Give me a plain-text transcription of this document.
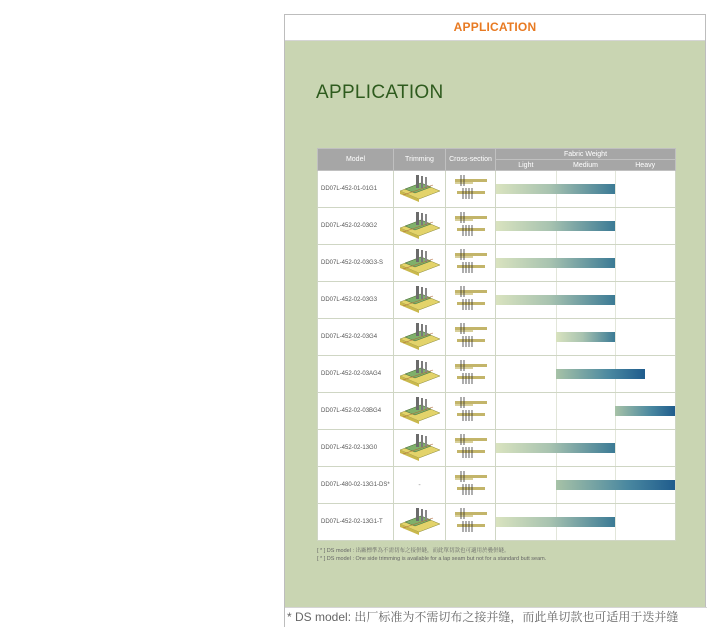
APPLICATION
APPLICATION
Model	Trimming	Cross-section	Fabric Weight

			Light Medium Heavy

DD07L-452-01-01G1			

DD07L-452-02-03G2			

DD07L-452-02-03G3-S			

DD07L-452-02-03G3			

DD07L-452-02-03G4			

DD07L-452-02-03AG4			

DD07L-452-02-03BG4			

DD07L-452-02-13G0			

DD07L-480-02-13G1-DS*	-		

DD07L-452-02-13G1-T			
[ * ] DS model : 出廠標準為不需切布之接併縫，而此單切款也可適用於疊併縫。
[ * ] DS model : One side trimming is available for a lap seam but not for a standard butt seam.
* DS model: 出厂标准为不需切布之接并缝，而此单切款也可适用于迭并缝
